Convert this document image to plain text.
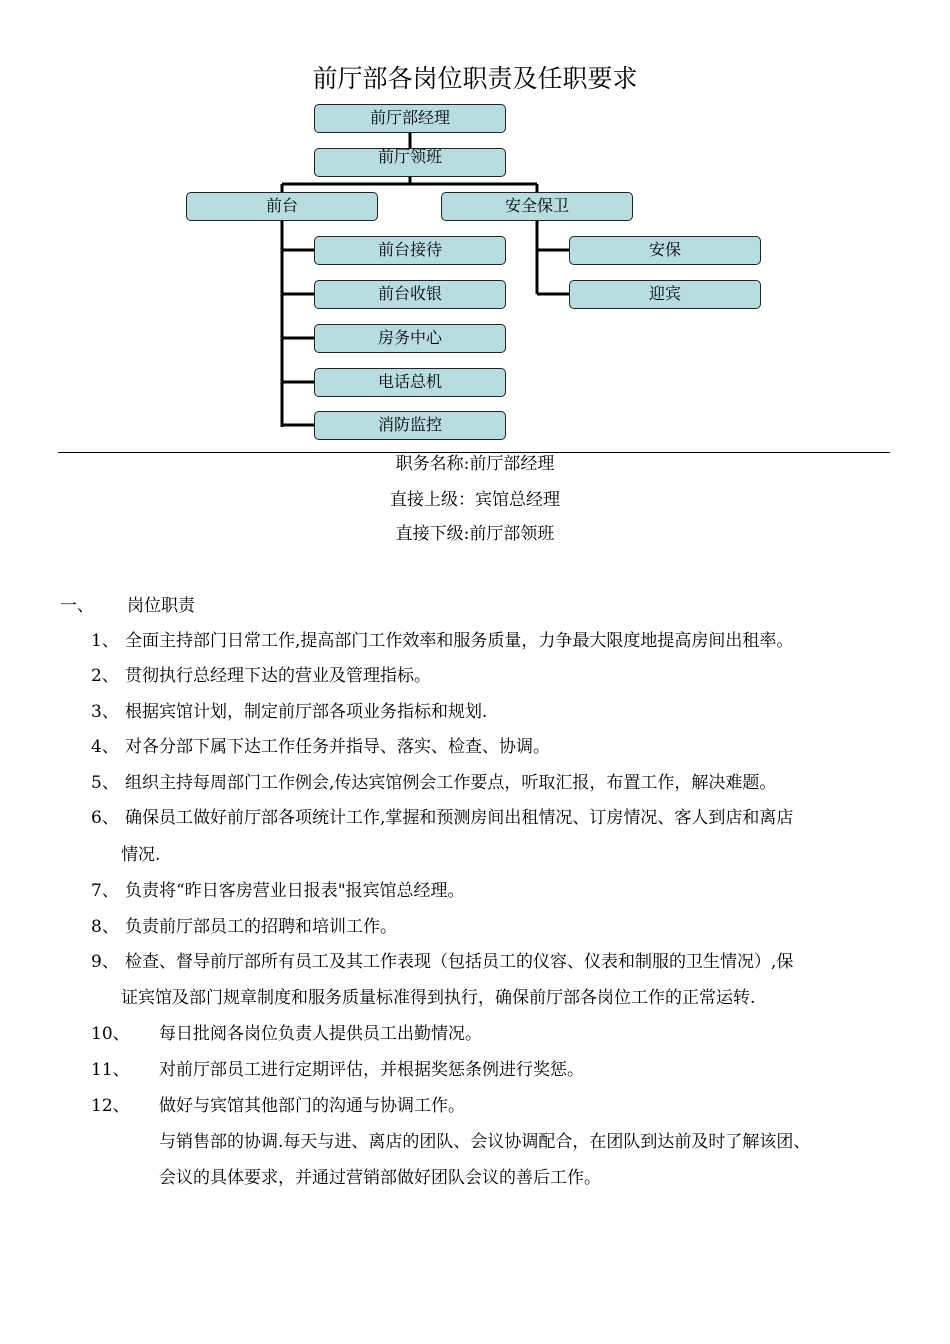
前厅部各岗位职责及任职要求
前厅部经理
前厅领班
前台	安全保卫
前台接待
前台收银
房务中心
电话总机
消防监控
安保
迎宾
职务名称:前厅部经理
直接上级：宾馆总经理
直接下级:前厅部领班
一、 岗位职责
1、 全面主持部门日常工作,提高部门工作效率和服务质量，力争最大限度地提高房间出租率。
2、 贯彻执行总经理下达的营业及管理指标。
3、 根据宾馆计划，制定前厅部各项业务指标和规划.
4、 对各分部下属下达工作任务并指导、落实、检查、协调。
5、 组织主持每周部门工作例会,传达宾馆例会工作要点，听取汇报，布置工作，解决难题。
6、 确保员工做好前厅部各项统计工作,掌握和预测房间出租情况、订房情况、客人到店和离店
情况.
7、 负责将“昨日客房营业日报表"报宾馆总经理。
8、 负责前厅部员工的招聘和培训工作。
9、 检查、督导前厅部所有员工及其工作表现（包括员工的仪容、仪表和制服的卫生情况）,保
证宾馆及部门规章制度和服务质量标准得到执行，确保前厅部各岗位工作的正常运转.
10、 每日批阅各岗位负责人提供员工出勤情况。
11、 对前厅部员工进行定期评估，并根据奖惩条例进行奖惩。
12、 做好与宾馆其他部门的沟通与协调工作。
与销售部的协调.每天与进、离店的团队、会议协调配合，在团队到达前及时了解该团、
会议的具体要求，并通过营销部做好团队会议的善后工作。
